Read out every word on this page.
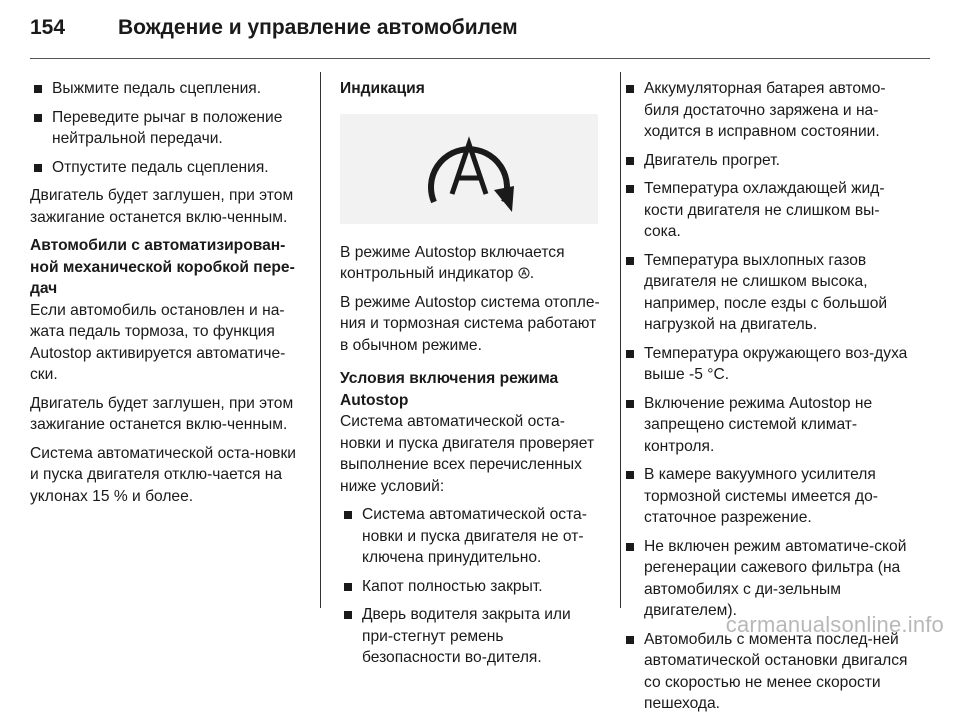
154	Вождение и управление автомобилем
Выжмите педаль сцепления.
Переведите рычаг в положение нейтральной передачи.
Отпустите педаль сцепления.

Двигатель будет заглушен, при этом зажигание останется вклю-ченным.

Автомобили с автоматизирован-ной механической коробкой пере-дач

Если автомобиль остановлен и на-жата педаль тормоза, то функция Autostop активируется автоматиче-ски.

Двигатель будет заглушен, при этом зажигание останется вклю-ченным.

Система автоматической оста-новки и пуска двигателя отклю-чается на уклонах 15 % и более.

Индикация

В режиме Autostop включается контрольный индикатор .

В режиме Autostop система отопле-ния и тормозная система работают в обычном режиме.

Условия включения режима Autostop

Система автоматической оста-новки и пуска двигателя проверяет выполнение всех перечисленных ниже условий:

Система автоматической оста-новки и пуска двигателя не от-ключена принудительно.
Капот полностью закрыт.
Дверь водителя закрыта или при-стегнут ремень безопасности во-дителя.
Аккумуляторная батарея автомо-биля достаточно заряжена и на-ходится в исправном состоянии.
Двигатель прогрет.
Температура охлаждающей жид-кости двигателя не слишком вы-сока.
Температура выхлопных газов двигателя не слишком высока, например, после езды с большой нагрузкой на двигатель.
Температура окружающего воз-духа выше -5 °C.
Включение режима Autostop не запрещено системой климат-контроля.
В камере вакуумного усилителя тормозной системы имеется до-статочное разрежение.
Не включен режим автоматиче-ской регенерации сажевого фильтра (на автомобилях с ди-зельным двигателем).
Автомобиль с момента послед-ней автоматической остановки двигался со скоростью не менее скорости пешехода.
carmanualsonline.info
